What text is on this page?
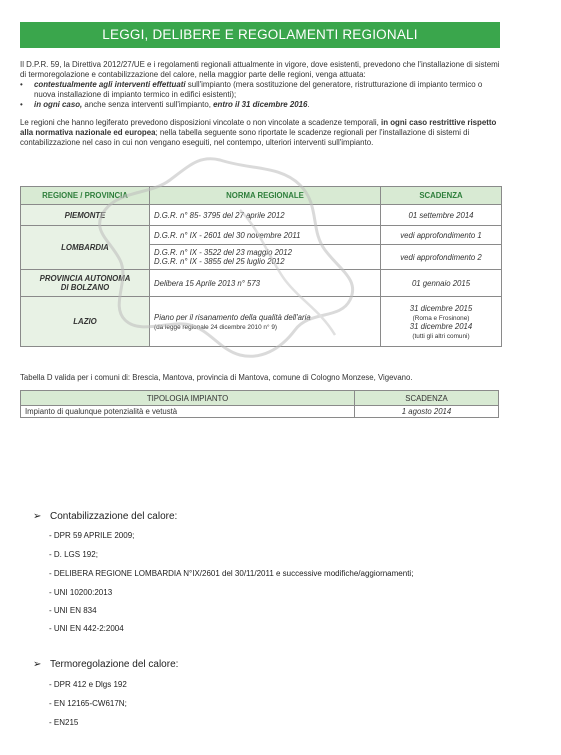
LEGGI, DELIBERE E REGOLAMENTI REGIONALI

Il D.P.R. 59, la Direttiva 2012/27/UE e i regolamenti regionali attualmente in vigore, dove esistenti, prevedono che l'installazione di sistemi di termoregolazione e contabilizzazione del calore, nella maggior parte delle regioni, venga attuata:

• contestualmente agli interventi effettuati sull'impianto (mera sostituzione del generatore, ristrutturazione di impianto termico o nuova installazione di impianto termico in edifici esistenti);

• in ogni caso, anche senza interventi sull'impianto, entro il 31 dicembre 2016.

Le regioni che hanno legiferato prevedono disposizioni vincolate o non vincolate a scadenze temporali, in ogni caso restrittive rispetto alla normativa nazionale ed europea; nella tabella seguente sono riportate le scadenze regionali per l'installazione di sistemi di contabilizzazione nel caso in cui non vengano eseguiti, nel contempo, ulteriori interventi sull'impianto.

REGIONE / PROVINCIA	NORMA REGIONALE	SCADENZA
PIEMONTE	D.G.R. n° 85- 3795 del 27 aprile 2012	01 settembre 2014
LOMBARDIA	D.G.R. n° IX - 2601 del 30 novembre 2011	vedi approfondimento 1
	D.G.R. n° IX - 3522 del 23 maggio 2012
D.G.R. n° IX - 3855 del 25 luglio 2012	vedi approfondimento 2
PROVINCIA AUTONOMA
DI BOLZANO	Delibera 15 Aprile 2013 n° 573	01 gennaio 2015
LAZIO	Piano per il risanamento della qualità dell'aria
(da legge regionale 24 dicembre 2010 n° 9)	31 dicembre 2015
(Roma e Frosinone)
31 dicembre 2014
(tutti gli altri comuni)
Tabella D valida per i comuni di: Brescia, Mantova, provincia di Mantova, comune di Cologno Monzese, Vigevano.
TIPOLOGIA IMPIANTO	SCADENZA
Impianto di qualunque potenzialità e vetustà	1 agosto 2014
➢ Contabilizzazione del calore:
- DPR 59 APRILE 2009;
- D. LGS 192;
- DELIBERA REGIONE LOMBARDIA N°IX/2601 del 30/11/2011 e successive modifiche/aggiornamenti;
- UNI 10200:2013
- UNI EN 834
- UNI EN 442-2:2004
➢ Termoregolazione del calore:
- DPR 412 e Dlgs 192
- EN 12165-CW617N;
- EN215
